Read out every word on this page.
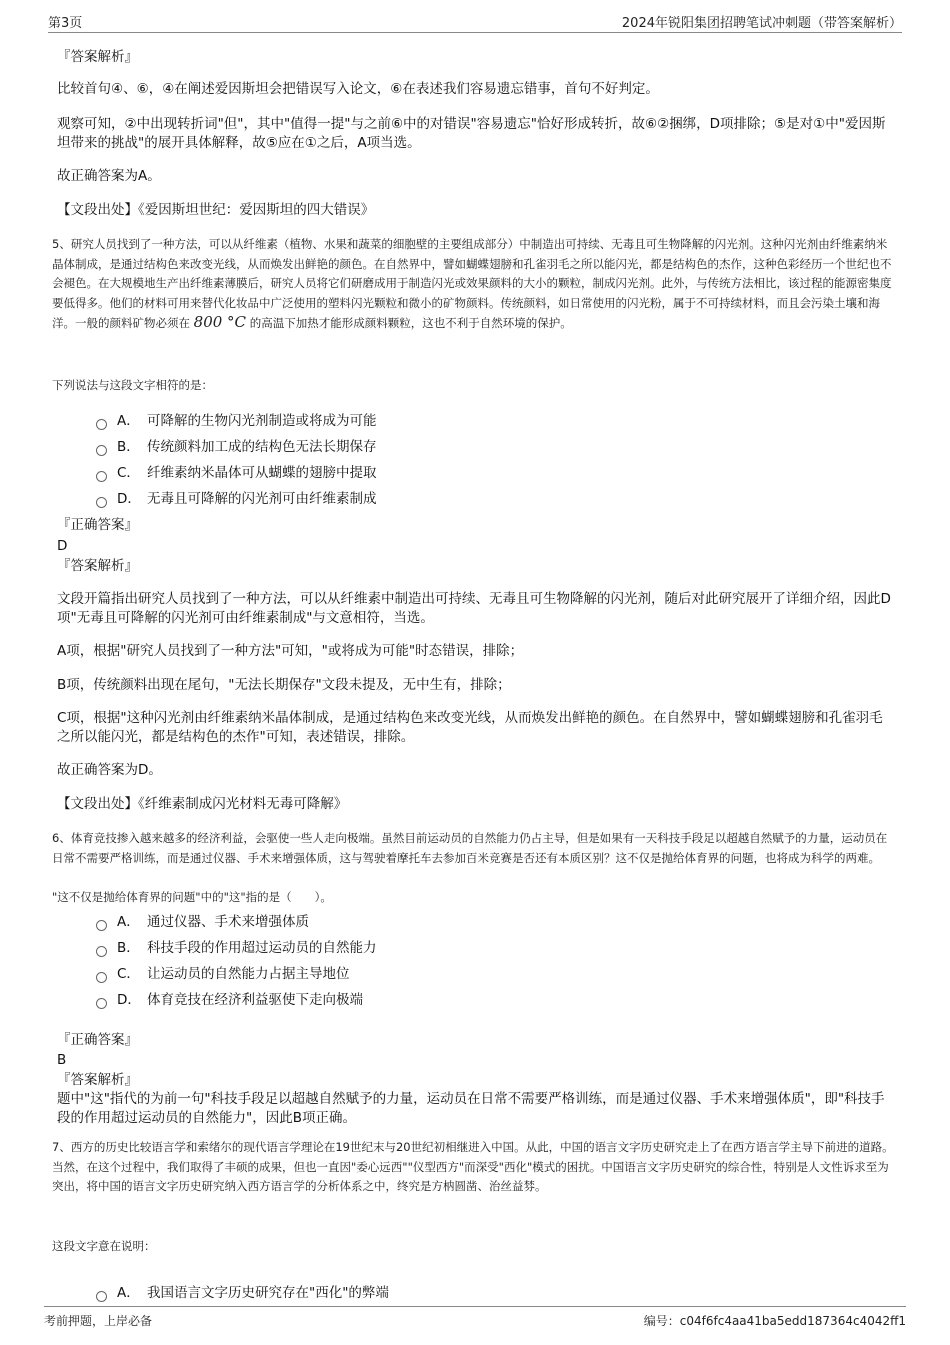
第3页	2024年锐阳集团招聘笔试冲刺题（带答案解析）
『答案解析』
比较首句④、⑥，④在阐述爱因斯坦会把错误写入论文，⑥在表述我们容易遗忘错事，首句不好判定。
观察可知，②中出现转折词"但"，其中"值得一提"与之前⑥中的对错误"容易遗忘"恰好形成转折，故⑥②捆绑，D项排除；⑤是对①中"爱因斯坦带来的挑战"的展开具体解释，故⑤应在①之后，A项当选。
故正确答案为A。
【文段出处】《爱因斯坦世纪：爱因斯坦的四大错误》
5、研究人员找到了一种方法，可以从纤维素（植物、水果和蔬菜的细胞壁的主要组成部分）中制造出可持续、无毒且可生物降解的闪光剂。这种闪光剂由纤维素纳米晶体制成，是通过结构色来改变光线，从而焕发出鲜艳的颜色。在自然界中，譬如蝴蝶翅膀和孔雀羽毛之所以能闪光，都是结构色的杰作，这种色彩经历一个世纪也不会褪色。在大规模地生产出纤维素薄膜后，研究人员将它们研磨成用于制造闪光或效果颜料的大小的颗粒，制成闪光剂。此外，与传统方法相比，该过程的能源密集度要低得多。他们的材料可用来替代化妆品中广泛使用的塑料闪光颗粒和微小的矿物颜料。传统颜料，如日常使用的闪光粉，属于不可持续材料，而且会污染土壤和海洋。一般的颜料矿物必须在 800 °C 的高温下加热才能形成颜料颗粒，这也不利于自然环境的保护。
下列说法与这段文字相符的是：
A． 可降解的生物闪光剂制造或将成为可能
B． 传统颜料加工成的结构色无法长期保存
C． 纤维素纳米晶体可从蝴蝶的翅膀中提取
D． 无毒且可降解的闪光剂可由纤维素制成
『正确答案』
D
『答案解析』
文段开篇指出研究人员找到了一种方法，可以从纤维素中制造出可持续、无毒且可生物降解的闪光剂，随后对此研究展开了详细介绍，因此D项"无毒且可降解的闪光剂可由纤维素制成"与文意相符，当选。
A项，根据"研究人员找到了一种方法"可知，"或将成为可能"时态错误，排除；
B项，传统颜料出现在尾句，"无法长期保存"文段未提及，无中生有，排除；
C项，根据"这种闪光剂由纤维素纳米晶体制成，是通过结构色来改变光线，从而焕发出鲜艳的颜色。在自然界中，譬如蝴蝶翅膀和孔雀羽毛之所以能闪光，都是结构色的杰作"可知，表述错误，排除。
故正确答案为D。
【文段出处】《纤维素制成闪光材料无毒可降解》
6、体育竞技掺入越来越多的经济利益，会驱使一些人走向极端。虽然目前运动员的自然能力仍占主导，但是如果有一天科技手段足以超越自然赋予的力量，运动员在日常不需要严格训练，而是通过仪器、手术来增强体质，这与驾驶着摩托车去参加百米竞赛是否还有本质区别？这不仅是抛给体育界的问题，也将成为科学的两难。
"这不仅是抛给体育界的问题"中的"这"指的是（　　）。
A． 通过仪器、手术来增强体质
B． 科技手段的作用超过运动员的自然能力
C． 让运动员的自然能力占据主导地位
D． 体育竞技在经济利益驱使下走向极端
『正确答案』
B
『答案解析』
题中"这"指代的为前一句"科技手段足以超越自然赋予的力量，运动员在日常不需要严格训练，而是通过仪器、手术来增强体质"，即"科技手段的作用超过运动员的自然能力"，因此B项正确。
7、西方的历史比较语言学和索绪尔的现代语言学理论在19世纪末与20世纪初相继进入中国。从此，中国的语言文字历史研究走上了在西方语言学主导下前进的道路。当然，在这个过程中，我们取得了丰硕的成果，但也一直因"委心远西""仪型西方"而深受"西化"模式的困扰。中国语言文字历史研究的综合性，特别是人文性诉求至为突出，将中国的语言文字历史研究纳入西方语言学的分析体系之中，终究是方枘圆凿、治丝益棼。
这段文字意在说明：
A． 我国语言文字历史研究存在"西化"的弊端
考前押题，上岸必备	编号：c04f6fc4aa41ba5edd187364c4042ff1
